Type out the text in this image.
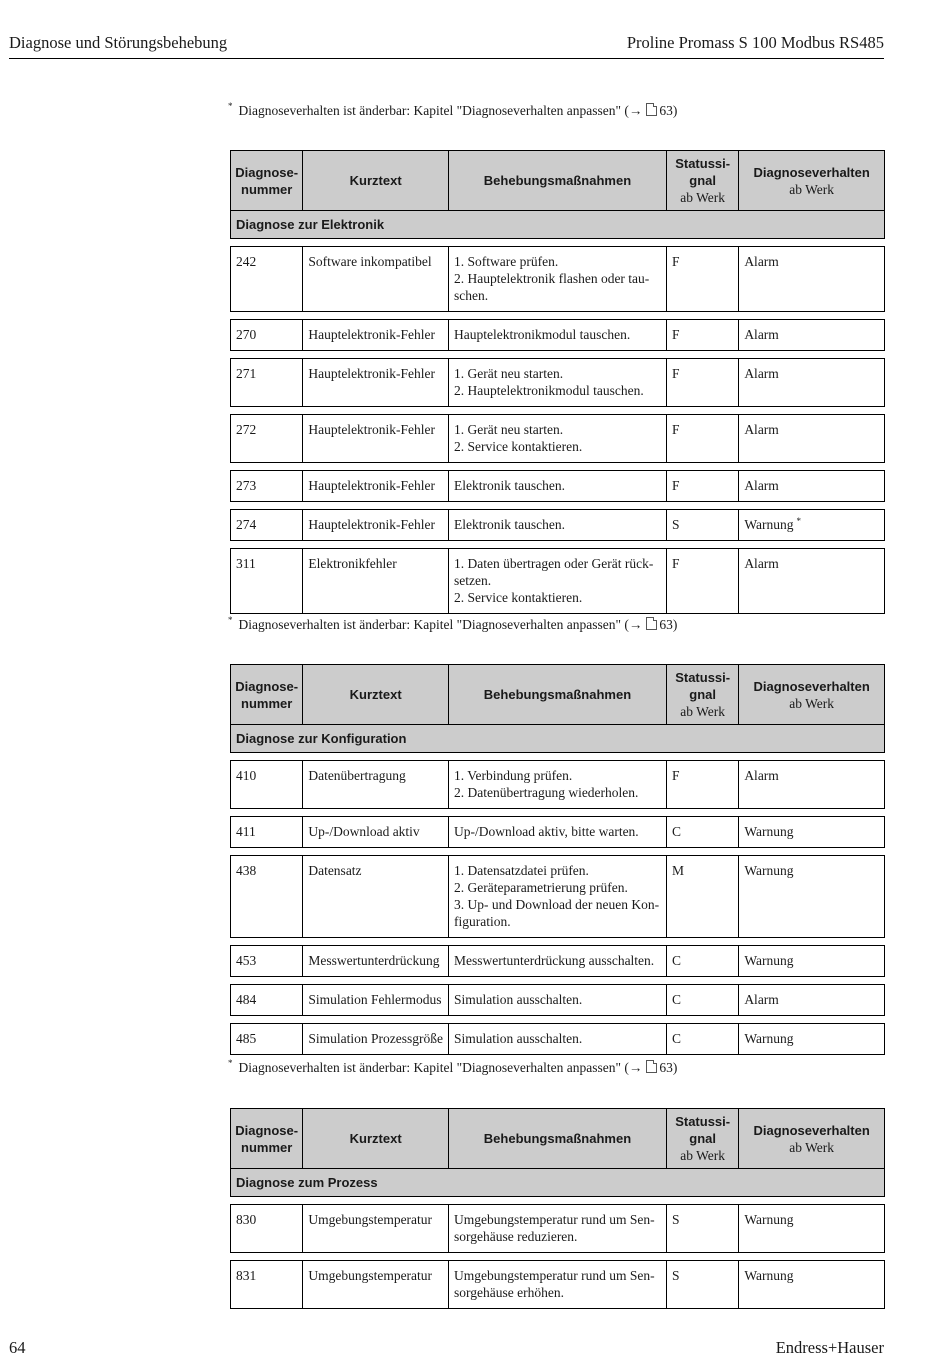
Diagnose und Störungsbehebung	Proline Promass S 100 Modbus RS485
* Diagnoseverhalten ist änderbar: Kapitel "Diagnoseverhalten anpassen" (→ 63)
Diagnose-
nummer	Kurztext	Behebungsmaßnahmen	Statussi-
gnal
ab Werk	Diagnoseverhalten
ab Werk

Diagnose zur Elektronik				

242	Software inkompatibel	1. Software prüfen.
2. Hauptelektronik flashen oder tau-
schen.	F	Alarm

270	Hauptelektronik-Fehler	Hauptelektronikmodul tauschen.	F	Alarm

271	Hauptelektronik-Fehler	1. Gerät neu starten.
2. Hauptelektronikmodul tauschen.	F	Alarm

272	Hauptelektronik-Fehler	1. Gerät neu starten.
2. Service kontaktieren.	F	Alarm

273	Hauptelektronik-Fehler	Elektronik tauschen.	F	Alarm

274	Hauptelektronik-Fehler	Elektronik tauschen.	S	Warnung *

311	Elektronikfehler	1. Daten übertragen oder Gerät rück-
setzen.
2. Service kontaktieren.	F	Alarm
* Diagnoseverhalten ist änderbar: Kapitel "Diagnoseverhalten anpassen" (→ 63)
Diagnose-
nummer	Kurztext	Behebungsmaßnahmen	Statussi-
gnal
ab Werk	Diagnoseverhalten
ab Werk

Diagnose zur Konfiguration				

410	Datenübertragung	1. Verbindung prüfen.
2. Datenübertragung wiederholen.	F	Alarm

411	Up-/Download aktiv	Up-/Download aktiv, bitte warten.	C	Warnung

438	Datensatz	1. Datensatzdatei prüfen.
2. Geräteparametrierung prüfen.
3. Up- und Download der neuen Kon-
figuration.	M	Warnung

453	Messwertunterdrückung	Messwertunterdrückung ausschalten.	C	Warnung

484	Simulation Fehlermodus	Simulation ausschalten.	C	Alarm

485	Simulation Prozessgröße	Simulation ausschalten.	C	Warnung
* Diagnoseverhalten ist änderbar: Kapitel "Diagnoseverhalten anpassen" (→ 63)
Diagnose-
nummer	Kurztext	Behebungsmaßnahmen	Statussi-
gnal
ab Werk	Diagnoseverhalten
ab Werk

Diagnose zum Prozess				

830	Umgebungstemperatur	Umgebungstemperatur rund um Sen-
sorgehäuse reduzieren.	S	Warnung

831	Umgebungstemperatur	Umgebungstemperatur rund um Sen-
sorgehäuse erhöhen.	S	Warnung
64	Endress+Hauser
